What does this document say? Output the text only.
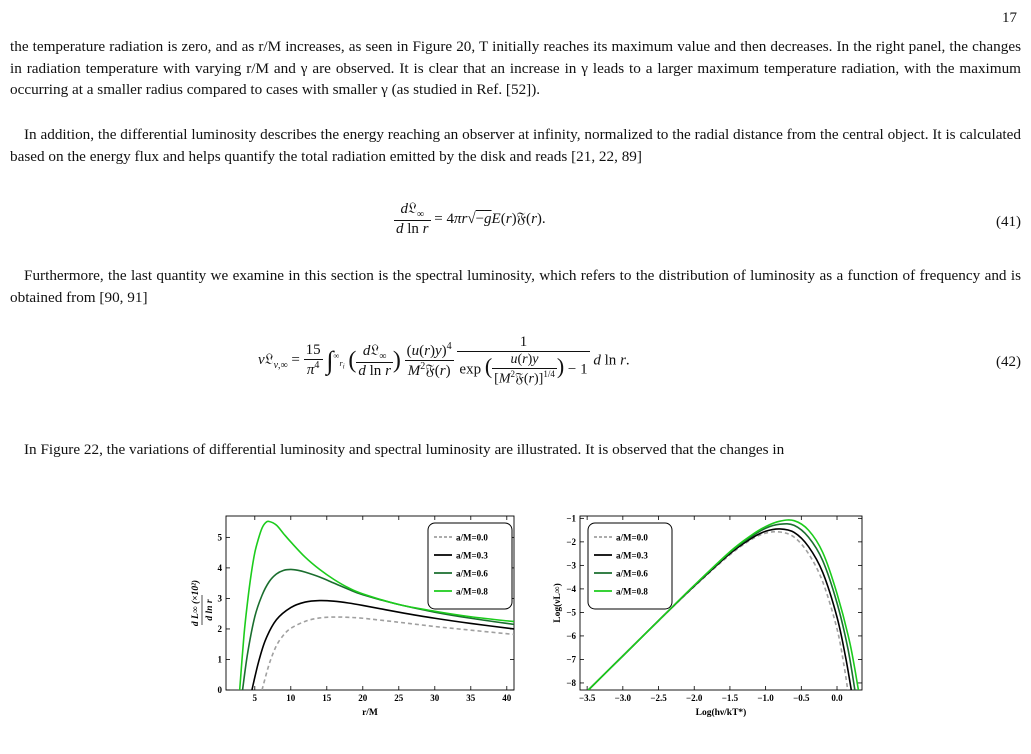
17
the temperature radiation is zero, and as r/M increases, as seen in Figure 20, T initially reaches its maximum value and then decreases. In the right panel, the changes in radiation temperature with varying r/M and γ are observed. It is clear that an increase in γ leads to a larger maximum temperature radiation, with the maximum occurring at a smaller radius compared to cases with smaller γ (as studied in Ref. [52]).
In addition, the differential luminosity describes the energy reaching an observer at infinity, normalized to the radial distance from the central object. It is calculated based on the energy flux and helps quantify the total radiation emitted by the disk and reads [21, 22, 89]
$\frac{d𝔏_\infty}{\text{d ln r}}$ = 4πr√−gE(r)𝔉(r).	(41)
Furthermore, the last quantity we examine in this section is the spectral luminosity, which refers to the distribution of luminosity as a function of frequency and is obtained from [90, 91]
ν𝔏$_{\nu,\infty}$ = $\frac{15}{\pi^4} \int^\infty_{r_i}$ ( $\frac{d𝔏_\infty}{\text{d ln r}}$ ) $\frac{(u(r)y)^4}{M^2𝔉(r)}$
$\frac{1}{\exp ( \frac{u(r)y}{[M^2𝔉(r)]^{1/4}} ) - 1}$ d ln r.	(42)
In Figure 22, the variations of differential luminosity and spectral luminosity are illustrated. It is observed that the changes in
5	10	15	20	25	30	35	40
0
1
2
3
4
5
r/M
a/M=0.0
a/M=0.3
a/M=0.6
a/M=0.8
d L∞ (×10²) d ln r
−3.5 −3.0 −2.5 −2.0 −1.5 −1.0 −0.5 0.0
−8
−7
−6
−5
−4
−3
−2
−1
Log(hν/kT*)
a/M=0.0
a/M=0.3
a/M=0.6
a/M=0.8
Log(νL∞)
